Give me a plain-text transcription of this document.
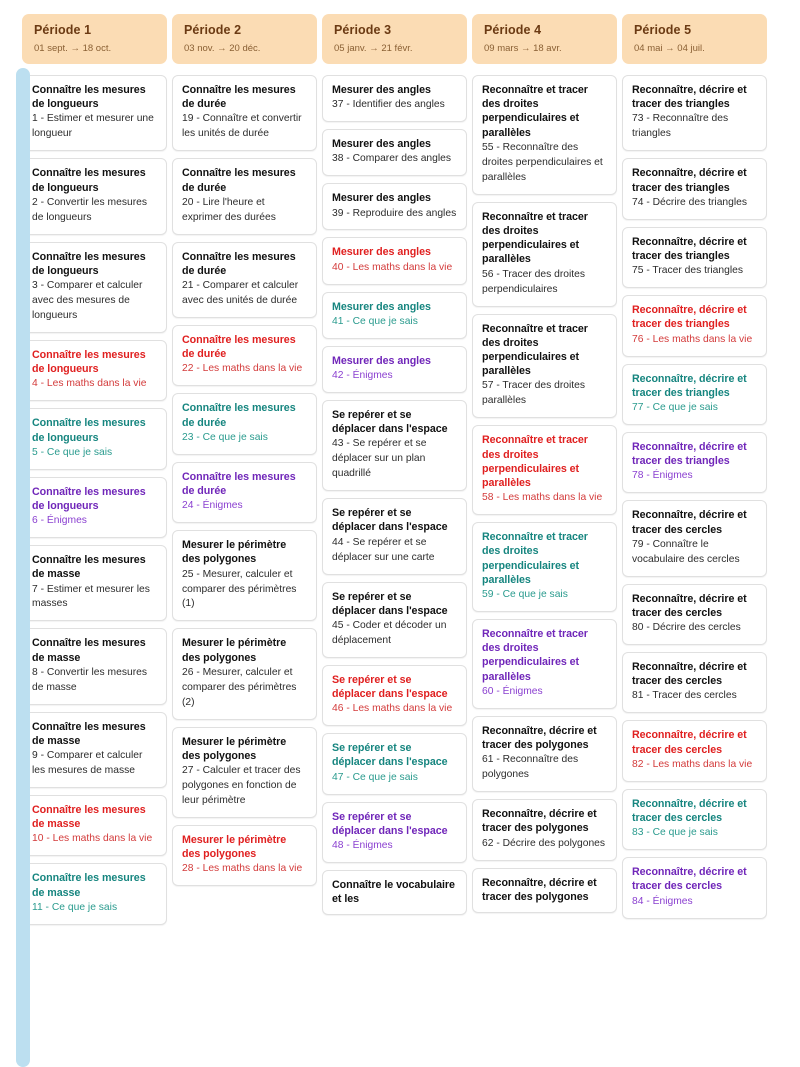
Période 1
01 sept. → 18 oct.
Connaître les mesures de longueurs
1 - Estimer et mesurer une longueur
Connaître les mesures de longueurs
2 - Convertir les mesures de longueurs
Connaître les mesures de longueurs
3 - Comparer et calculer avec des mesures de longueurs
Connaître les mesures de longueurs
4 - Les maths dans la vie
Connaître les mesures de longueurs
5 - Ce que je sais
Connaître les mesures de longueurs
6 - Énigmes
Connaître les mesures de masse
7 - Estimer et mesurer les masses
Connaître les mesures de masse
8 - Convertir les mesures de masse
Connaître les mesures de masse
9 - Comparer et calculer les mesures de masse
Connaître les mesures de masse
10 - Les maths dans la vie
Connaître les mesures de masse
11 - Ce que je sais
Période 2
03 nov. → 20 déc.
Connaître les mesures de durée
19 - Connaître et convertir les unités de durée
Connaître les mesures de durée
20 - Lire l'heure et exprimer des durées
Connaître les mesures de durée
21 - Comparer et calculer avec des unités de durée
Connaître les mesures de durée
22 - Les maths dans la vie
Connaître les mesures de durée
23 - Ce que je sais
Connaître les mesures de durée
24 - Énigmes
Mesurer le périmètre des polygones
25 - Mesurer, calculer et comparer des périmètres (1)
Mesurer le périmètre des polygones
26 - Mesurer, calculer et comparer des périmètres (2)
Mesurer le périmètre des polygones
27 - Calculer et tracer des polygones en fonction de leur périmètre
Mesurer le périmètre des polygones
28 - Les maths dans la vie
Période 3
05 janv. → 21 févr.
Mesurer des angles
37 - Identifier des angles
Mesurer des angles
38 - Comparer des angles
Mesurer des angles
39 - Reproduire des angles
Mesurer des angles
40 - Les maths dans la vie
Mesurer des angles
41 - Ce que je sais
Mesurer des angles
42 - Énigmes
Se repérer et se déplacer dans l'espace
43 - Se repérer et se déplacer sur un plan quadrillé
Se repérer et se déplacer dans l'espace
44 - Se repérer et se déplacer sur une carte
Se repérer et se déplacer dans l'espace
45 - Coder et décoder un déplacement
Se repérer et se déplacer dans l'espace
46 - Les maths dans la vie
Se repérer et se déplacer dans l'espace
47 - Ce que je sais
Se repérer et se déplacer dans l'espace
48 - Énigmes
Connaître le vocabulaire et les
Période 4
09 mars → 18 avr.
Reconnaître et tracer des droites perpendiculaires et parallèles
55 - Reconnaître des droites perpendiculaires et parallèles
Reconnaître et tracer des droites perpendiculaires et parallèles
56 - Tracer des droites perpendiculaires
Reconnaître et tracer des droites perpendiculaires et parallèles
57 - Tracer des droites parallèles
Reconnaître et tracer des droites perpendiculaires et parallèles
58 - Les maths dans la vie
Reconnaître et tracer des droites perpendiculaires et parallèles
59 - Ce que je sais
Reconnaître et tracer des droites perpendiculaires et parallèles
60 - Énigmes
Reconnaître, décrire et tracer des polygones
61 - Reconnaître des polygones
Reconnaître, décrire et tracer des polygones
62 - Décrire des polygones
Reconnaître, décrire et tracer des polygones
Période 5
04 mai → 04 juil.
Reconnaître, décrire et tracer des triangles
73 - Reconnaître des triangles
Reconnaître, décrire et tracer des triangles
74 - Décrire des triangles
Reconnaître, décrire et tracer des triangles
75 - Tracer des triangles
Reconnaître, décrire et tracer des triangles
76 - Les maths dans la vie
Reconnaître, décrire et tracer des triangles
77 - Ce que je sais
Reconnaître, décrire et tracer des triangles
78 - Énigmes
Reconnaître, décrire et tracer des cercles
79 - Connaître le vocabulaire des cercles
Reconnaître, décrire et tracer des cercles
80 - Décrire des cercles
Reconnaître, décrire et tracer des cercles
81 - Tracer des cercles
Reconnaître, décrire et tracer des cercles
82 - Les maths dans la vie
Reconnaître, décrire et tracer des cercles
83 - Ce que je sais
Reconnaître, décrire et tracer des cercles
84 - Énigmes
